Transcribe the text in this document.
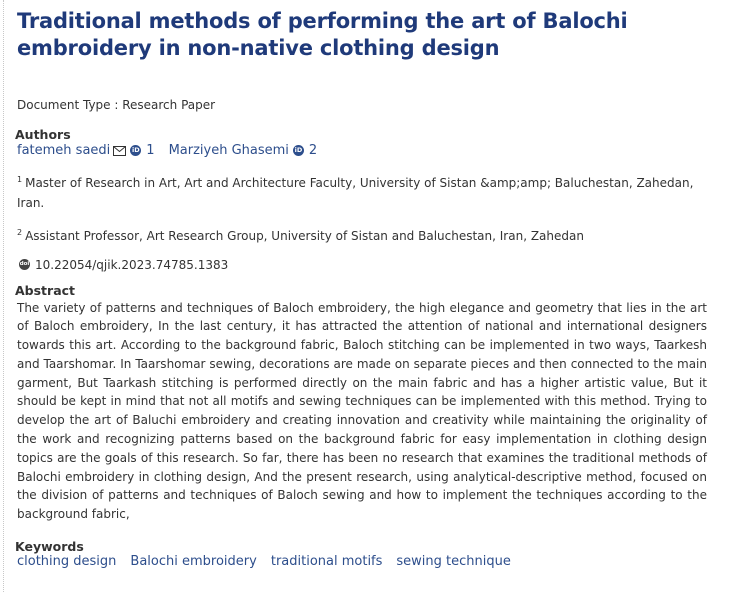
Traditional methods of performing the art of Balochi embroidery in non-native clothing design
Document Type : Research Paper
Authors
fatemeh saedi	iD 1 Marziyeh Ghasemi iD 2
$^1$ Master of Research in Art, Art and Architecture Faculty, University of Sistan &amp;amp; Baluchestan, Zahedan, Iran.
$^2$ Assistant Professor, Art Research Group, University of Sistan and Baluchestan, Iran, Zahedan
doi 10.22054/qjik.2023.74785.1383
Abstract
The variety of patterns and techniques of Baloch embroidery, the high elegance and geometry that lies in the art of Baloch embroidery, In the last century, it has attracted the attention of national and international designers towards this art. According to the background fabric, Baloch stitching can be implemented in two ways, Taarkesh and Taarshomar. In Taarshomar sewing, decorations are made on separate pieces and then connected to the main garment, But Taarkash stitching is performed directly on the main fabric and has a higher artistic value, But it should be kept in mind that not all motifs and sewing techniques can be implemented with this method. Trying to develop the art of Baluchi embroidery and creating innovation and creativity while maintaining the originality of the work and recognizing patterns based on the background fabric for easy implementation in clothing design topics are the goals of this research. So far, there has been no research that examines the traditional methods of Balochi embroidery in clothing design, And the present research, using analytical-descriptive method, focused on the division of patterns and techniques of Baloch sewing and how to implement the techniques according to the background fabric,
Keywords
clothing design Balochi embroidery traditional motifs sewing technique
